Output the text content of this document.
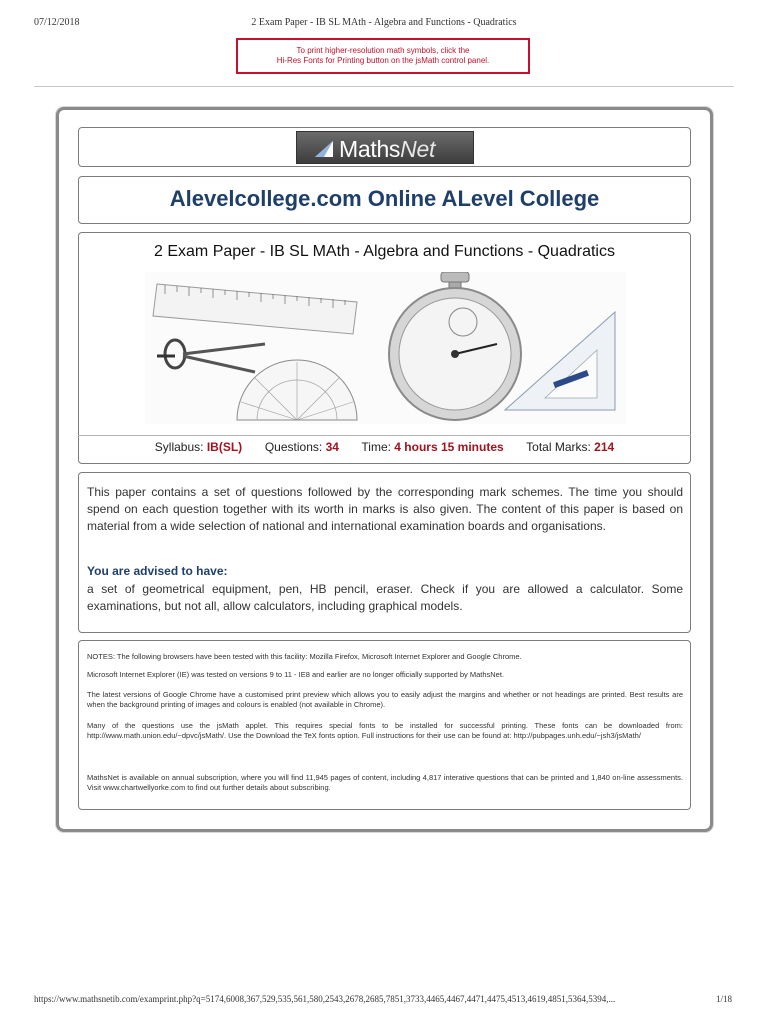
07/12/2018	2 Exam Paper - IB SL MAth - Algebra and Functions - Quadratics
To print higher-resolution math symbols, click the
Hi-Res Fonts for Printing button on the jsMath control panel.
MathsNet
Alevelcollege.com Online ALevel College
2 Exam Paper - IB SL MAth - Algebra and Functions - Quadratics
Syllabus: IB(SL) Questions: 34 Time: 4 hours 15 minutes Total Marks: 214
This paper contains a set of questions followed by the corresponding mark schemes. The time you should spend on each question together with its worth in marks is also given. The content of this paper is based on material from a wide selection of national and international examination boards and organisations.
You are advised to have:
a set of geometrical equipment, pen, HB pencil, eraser. Check if you are allowed a calculator. Some examinations, but not all, allow calculators, including graphical models.
NOTES: The following browsers have been tested with this facility: Mozilla Firefox, Microsoft Internet Explorer and Google Chrome.
Microsoft Internet Explorer (IE) was tested on versions 9 to 11 - IE8 and earlier are no longer officially supported by MathsNet.
The latest versions of Google Chrome have a customised print preview which allows you to easily adjust the margins and whether or not headings are printed. Best results are when the background printing of images and colours is enabled (not available in Chrome).
Many of the questions use the jsMath applet. This requires special fonts to be installed for successful printing. These fonts can be downloaded from: http://www.math.union.edu/~dpvc/jsMath/. Use the Download the TeX fonts option. Full instructions for their use can be found at: http://pubpages.unh.edu/~jsh3/jsMath/
MathsNet is available on annual subscription, where you will find 11,945 pages of content, including 4,817 interative questions that can be printed and 1,840 on-line assessments. Visit www.chartwellyorke.com to find out further details about subscribing.
https://www.mathsnetib.com/examprint.php?q=5174,6008,367,529,535,561,580,2543,2678,2685,7851,3733,4465,4467,4471,4475,4513,4619,4851,5364,5394,...	1/18
